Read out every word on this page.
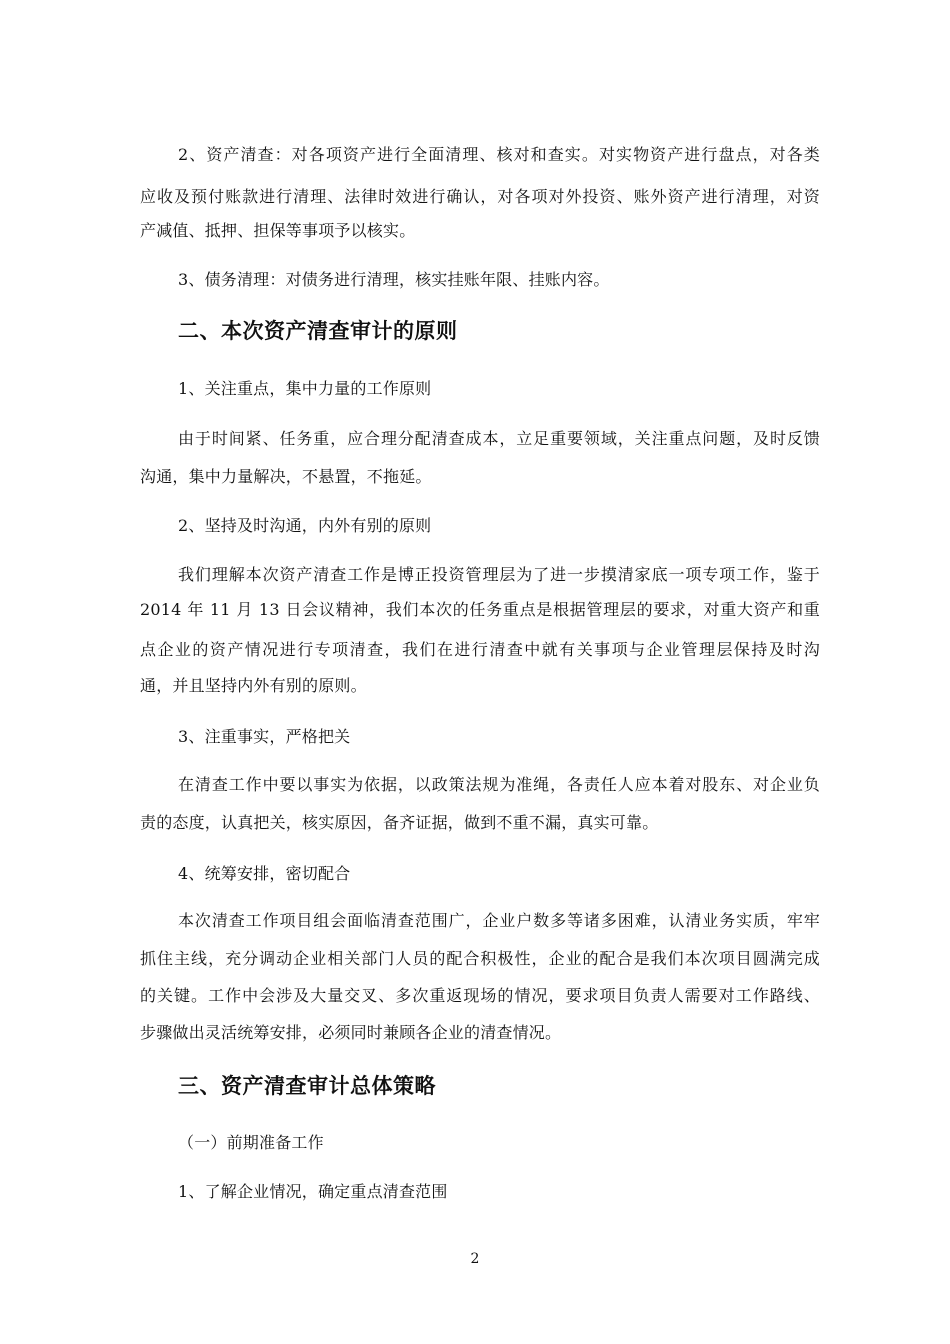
2、资产清查：对各项资产进行全面清理、核对和查实。对实物资产进行盘点，对各类
应收及预付账款进行清理、法律时效进行确认，对各项对外投资、账外资产进行清理，对资
产减值、抵押、担保等事项予以核实。
3、债务清理：对债务进行清理，核实挂账年限、挂账内容。
二、本次资产清查审计的原则
1、关注重点，集中力量的工作原则
由于时间紧、任务重，应合理分配清查成本，立足重要领域，关注重点问题，及时反馈
沟通，集中力量解决，不悬置，不拖延。
2、坚持及时沟通，内外有别的原则
我们理解本次资产清查工作是博正投资管理层为了进一步摸清家底一项专项工作，鉴于
2014 年 11 月 13 日会议精神，我们本次的任务重点是根据管理层的要求，对重大资产和重
点企业的资产情况进行专项清查，我们在进行清查中就有关事项与企业管理层保持及时沟
通，并且坚持内外有别的原则。
3、注重事实，严格把关
在清查工作中要以事实为依据，以政策法规为准绳，各责任人应本着对股东、对企业负
责的态度，认真把关，核实原因，备齐证据，做到不重不漏，真实可靠。
4、统筹安排，密切配合
本次清查工作项目组会面临清查范围广，企业户数多等诸多困难，认清业务实质，牢牢
抓住主线，充分调动企业相关部门人员的配合积极性，企业的配合是我们本次项目圆满完成
的关键。工作中会涉及大量交叉、多次重返现场的情况，要求项目负责人需要对工作路线、
步骤做出灵活统筹安排，必须同时兼顾各企业的清查情况。
三、资产清查审计总体策略
（一）前期准备工作
1、了解企业情况，确定重点清查范围
2
